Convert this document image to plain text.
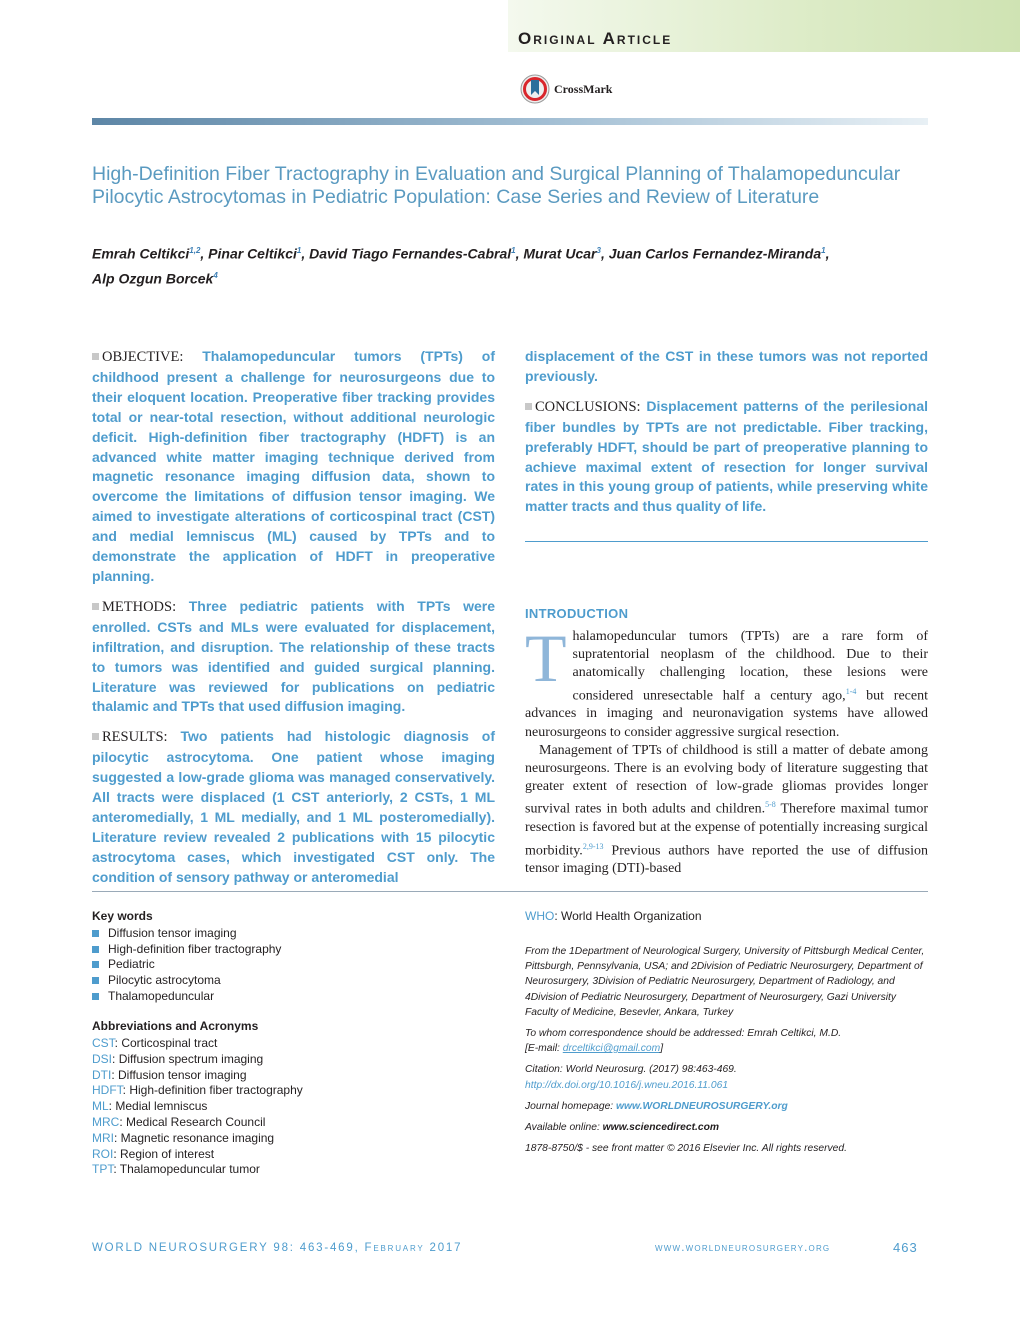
Original Article
CrossMark
High-Definition Fiber Tractography in Evaluation and Surgical Planning of Thalamopeduncular Pilocytic Astrocytomas in Pediatric Population: Case Series and Review of Literature
Emrah Celtikci$^{1,2}$, Pinar Celtikci$^1$, David Tiago Fernandes-Cabral$^1$, Murat Ucar$^3$, Juan Carlos Fernandez-Miranda$^1$,
Alp Ozgun Borcek$^4$

OBJECTIVE: Thalamopeduncular tumors (TPTs) of childhood present a challenge for neurosurgeons due to their eloquent location. Preoperative fiber tracking provides total or near-total resection, without additional neurologic deficit. High-definition fiber tractography (HDFT) is an advanced white matter imaging technique derived from magnetic resonance imaging diffusion data, shown to overcome the limitations of diffusion tensor imaging. We aimed to investigate alterations of corticospinal tract (CST) and medial lemniscus (ML) caused by TPTs and to demonstrate the application of HDFT in preoperative planning.

METHODS: Three pediatric patients with TPTs were enrolled. CSTs and MLs were evaluated for displacement, infiltration, and disruption. The relationship of these tracts to tumors was identified and guided surgical planning. Literature was reviewed for publications on pediatric thalamic and TPTs that used diffusion imaging.

RESULTS: Two patients had histologic diagnosis of pilocytic astrocytoma. One patient whose imaging suggested a low-grade glioma was managed conservatively. All tracts were displaced (1 CST anteriorly, 2 CSTs, 1 ML anteromedially, 1 ML medially, and 1 ML posteromedially). Literature review revealed 2 publications with 15 pilocytic astrocytoma cases, which investigated CST only. The condition of sensory pathway or anteromedial

displacement of the CST in these tumors was not reported previously.

CONCLUSIONS: Displacement patterns of the perilesional fiber bundles by TPTs are not predictable. Fiber tracking, preferably HDFT, should be part of preoperative planning to achieve maximal extent of resection for longer survival rates in this young group of patients, while preserving white matter tracts and thus quality of life.

INTRODUCTION

Thalamopeduncular tumors (TPTs) are a rare form of supratentorial neoplasm of the childhood. Due to their anatomically challenging location, these lesions were considered unresectable half a century ago,$^{1-4}$ but recent advances in imaging and neuronavigation systems have allowed neurosurgeons to consider aggressive surgical resection.

Management of TPTs of childhood is still a matter of debate among neurosurgeons. There is an evolving body of literature suggesting that greater extent of resection of low-grade gliomas provides longer survival rates in both adults and children.$^{5-8}$ Therefore maximal tumor resection is favored but at the expense of potentially increasing surgical morbidity.$^{2,9-13}$ Previous authors have reported the use of diffusion tensor imaging (DTI)-based

Key words
Diffusion tensor imaging
High-definition fiber tractography
Pediatric
Pilocytic astrocytoma
Thalamopeduncular
Abbreviations and Acronyms
CST: Corticospinal tract
DSI: Diffusion spectrum imaging
DTI: Diffusion tensor imaging
HDFT: High-definition fiber tractography
ML: Medial lemniscus
MRC: Medical Research Council
MRI: Magnetic resonance imaging
ROI: Region of interest
TPT: Thalamopeduncular tumor
WHO: World Health Organization

From the 1Department of Neurological Surgery, University of Pittsburgh Medical Center, Pittsburgh, Pennsylvania, USA; and 2Division of Pediatric Neurosurgery, Department of Neurosurgery, 3Division of Pediatric Neurosurgery, Department of Radiology, and 4Division of Pediatric Neurosurgery, Department of Neurosurgery, Gazi University Faculty of Medicine, Besevler, Ankara, Turkey

To whom correspondence should be addressed: Emrah Celtikci, M.D.
[E-mail: drceltikci@gmail.com]

Citation: World Neurosurg. (2017) 98:463-469.
http://dx.doi.org/10.1016/j.wneu.2016.11.061

Journal homepage: www.WORLDNEUROSURGERY.org

Available online: www.sciencedirect.com

1878-8750/$ - see front matter © 2016 Elsevier Inc. All rights reserved.

WORLD NEUROSURGERY 98: 463-469, February 2017	www.worldneurosurgery.org	463
